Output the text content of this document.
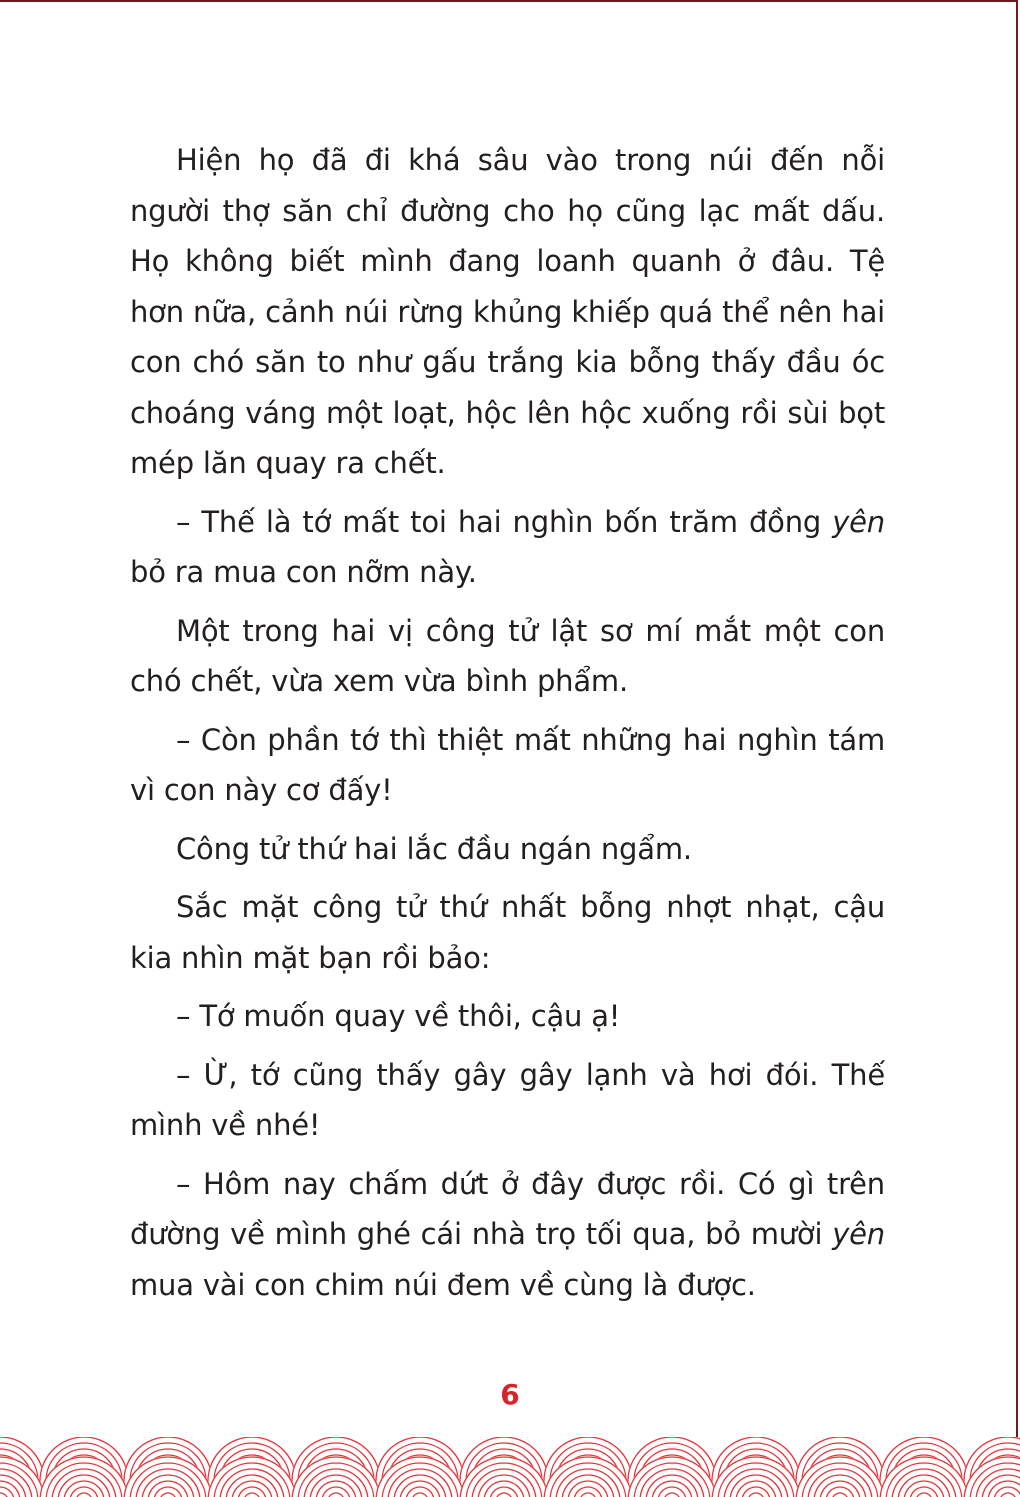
Hiện họ đã đi khá sâu vào trong núi đến nỗi người thợ săn chỉ đường cho họ cũng lạc mất dấu. Họ không biết mình đang loanh quanh ở đâu. Tệ hơn nữa, cảnh núi rừng khủng khiếp quá thể nên hai con chó săn to như gấu trắng kia bỗng thấy đầu óc choáng váng một loạt, hộc lên hộc xuống rồi sùi bọt mép lăn quay ra chết.

– Thế là tớ mất toi hai nghìn bốn trăm đồng yên bỏ ra mua con nỡm này.

Một trong hai vị công tử lật sơ mí mắt một con chó chết, vừa xem vừa bình phẩm.

– Còn phần tớ thì thiệt mất những hai nghìn tám vì con này cơ đấy!

Công tử thứ hai lắc đầu ngán ngẩm.

Sắc mặt công tử thứ nhất bỗng nhợt nhạt, cậu kia nhìn mặt bạn rồi bảo:

– Tớ muốn quay về thôi, cậu ạ!

– Ừ, tớ cũng thấy gây gây lạnh và hơi đói. Thế mình về nhé!

– Hôm nay chấm dứt ở đây được rồi. Có gì trên đường về mình ghé cái nhà trọ tối qua, bỏ mười yên mua vài con chim núi đem về cùng là được.

6
